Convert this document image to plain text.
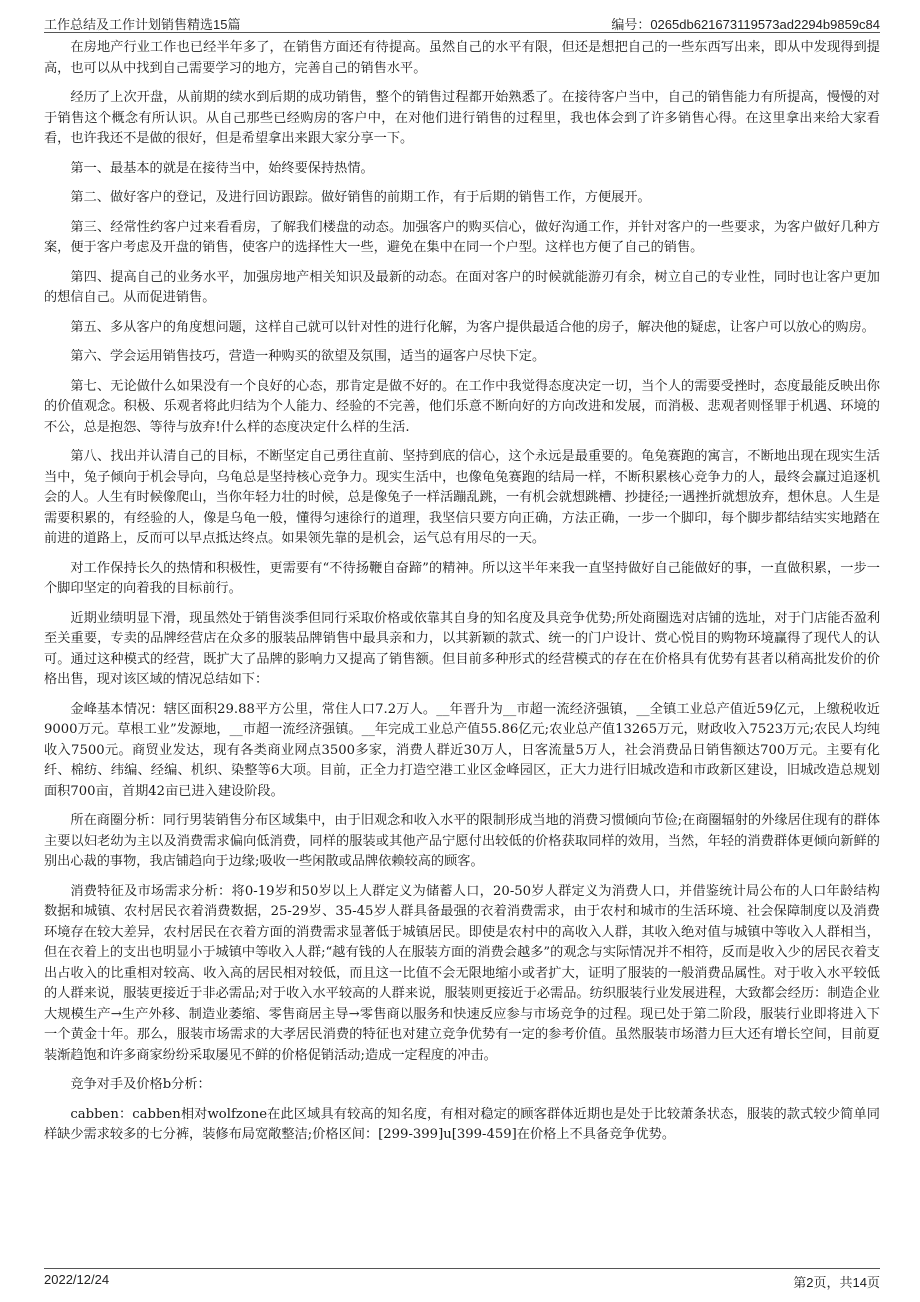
工作总结及工作计划销售精选15篇	编号：0265db621673119573ad2294b9859c84

在房地产行业工作也已经半年多了，在销售方面还有待提高。虽然自己的水平有限，但还是想把自己的一些东西写出来，即从中发现得到提高，也可以从中找到自己需要学习的地方，完善自己的销售水平。

经历了上次开盘，从前期的续水到后期的成功销售，整个的销售过程都开始熟悉了。在接待客户当中，自己的销售能力有所提高，慢慢的对于销售这个概念有所认识。从自己那些已经购房的客户中，在对他们进行销售的过程里，我也体会到了许多销售心得。在这里拿出来给大家看看，也许我还不是做的很好，但是希望拿出来跟大家分享一下。

第一、最基本的就是在接待当中，始终要保持热情。

第二、做好客户的登记，及进行回访跟踪。做好销售的前期工作，有于后期的销售工作，方便展开。

第三、经常性约客户过来看看房，了解我们楼盘的动态。加强客户的购买信心，做好沟通工作，并针对客户的一些要求，为客户做好几种方案，便于客户考虑及开盘的销售，使客户的选择性大一些，避免在集中在同一个户型。这样也方便了自己的销售。

第四、提高自己的业务水平，加强房地产相关知识及最新的动态。在面对客户的时候就能游刃有余，树立自己的专业性，同时也让客户更加的想信自己。从而促进销售。

第五、多从客户的角度想问题，这样自己就可以针对性的进行化解，为客户提供最适合他的房子，解决他的疑虑，让客户可以放心的购房。

第六、学会运用销售技巧，营造一种购买的欲望及氛围，适当的逼客户尽快下定。

第七、无论做什么如果没有一个良好的心态，那肯定是做不好的。在工作中我觉得态度决定一切，当个人的需要受挫时，态度最能反映出你的价值观念。积极、乐观者将此归结为个人能力、经验的不完善，他们乐意不断向好的方向改进和发展，而消极、悲观者则怪罪于机遇、环境的不公，总是抱怨、等待与放弃!什么样的态度决定什么样的生活.

第八、找出并认清自己的目标，不断坚定自己勇往直前、坚持到底的信心，这个永远是最重要的。龟兔赛跑的寓言，不断地出现在现实生活当中，兔子倾向于机会导向，乌龟总是坚持核心竞争力。现实生活中，也像龟兔赛跑的结局一样，不断积累核心竞争力的人，最终会赢过追逐机会的人。人生有时候像爬山，当你年轻力壮的时候，总是像兔子一样活蹦乱跳，一有机会就想跳槽、抄捷径;一遇挫折就想放弃，想休息。人生是需要积累的，有经验的人，像是乌龟一般，懂得匀速徐行的道理，我坚信只要方向正确，方法正确，一步一个脚印，每个脚步都结结实实地踏在前进的道路上，反而可以早点抵达终点。如果领先靠的是机会，运气总有用尽的一天。

对工作保持长久的热情和积极性，更需要有“不待扬鞭自奋蹄”的精神。所以这半年来我一直坚持做好自己能做好的事，一直做积累，一步一个脚印坚定的向着我的目标前行。

近期业绩明显下滑，现虽然处于销售淡季但同行采取价格或依靠其自身的知名度及具竞争优势;所处商圈选对店铺的选址，对于门店能否盈利至关重要，专卖的品牌经营店在众多的服装品牌销售中最具亲和力，以其新颖的款式、统一的门户设计、赏心悦目的购物环境赢得了现代人的认可。通过这种模式的经营，既扩大了品牌的影响力又提高了销售额。但目前多种形式的经营模式的存在在价格具有优势有甚者以稍高批发价的价格出售，现对该区域的情况总结如下：

金峰基本情况：辖区面积29.88平方公里，常住人口7.2万人。__年晋升为__市超一流经济强镇，__全镇工业总产值近59亿元，上缴税收近9000万元。草根工业”发源地，__市超一流经济强镇。__年完成工业总产值55.86亿元;农业总产值13265万元，财政收入7523万元;农民人均纯收入7500元。商贸业发达，现有各类商业网点3500多家，消费人群近30万人，日客流量5万人，社会消费品日销售额达700万元。主要有化纤、棉纺、纬编、经编、机织、染整等6大项。目前，正全力打造空港工业区金峰园区，正大力进行旧城改造和市政新区建设，旧城改造总规划面积700亩，首期42亩已进入建设阶段。

所在商圈分析：同行男装销售分布区域集中，由于旧观念和收入水平的限制形成当地的消费习惯倾向节俭;在商圈辐射的外缘居住现有的群体主要以妇老幼为主以及消费需求偏向低消费，同样的服装或其他产品宁愿付出较低的价格获取同样的效用，当然，年轻的消费群体更倾向新鲜的别出心裁的事物，我店铺趋向于边缘;吸收一些闲散或品牌依赖较高的顾客。

消费特征及市场需求分析：将0-19岁和50岁以上人群定义为储蓄人口，20-50岁人群定义为消费人口，并借鉴统计局公布的人口年龄结构数据和城镇、农村居民衣着消费数据，25-29岁、35-45岁人群具备最强的衣着消费需求，由于农村和城市的生活环境、社会保障制度以及消费环境存在较大差异，农村居民在衣着方面的消费需求显著低于城镇居民。即使是农村中的高收入人群，其收入绝对值与城镇中等收入人群相当，但在衣着上的支出也明显小于城镇中等收入人群;“越有钱的人在服装方面的消费会越多”的观念与实际情况并不相符，反而是收入少的居民衣着支出占收入的比重相对较高、收入高的居民相对较低，而且这一比值不会无限地缩小或者扩大，证明了服装的一般消费品属性。对于收入水平较低的人群来说，服装更接近于非必需品;对于收入水平较高的人群来说，服装则更接近于必需品。纺织服装行业发展进程，大致都会经历：制造企业大规模生产→生产外移、制造业萎缩、零售商居主导→零售商以服务和快速反应参与市场竞争的过程。现已处于第二阶段，服装行业即将进入下一个黄金十年。那么，服装市场需求的大孝居民消费的特征也对建立竞争优势有一定的参考价值。虽然服装市场潜力巨大还有增长空间，目前夏装渐趋饱和许多商家纷纷采取屡见不鲜的价格促销活动;造成一定程度的冲击。

竞争对手及价格b分析：

cabben：cabben相对wolfzone在此区域具有较高的知名度，有相对稳定的顾客群体近期也是处于比较萧条状态，服装的款式较少简单同样缺少需求较多的七分裤，装修布局宽敞整洁;价格区间：[299-399]u[399-459]在价格上不具备竞争优势。

2022/12/24	第2页，共14页
